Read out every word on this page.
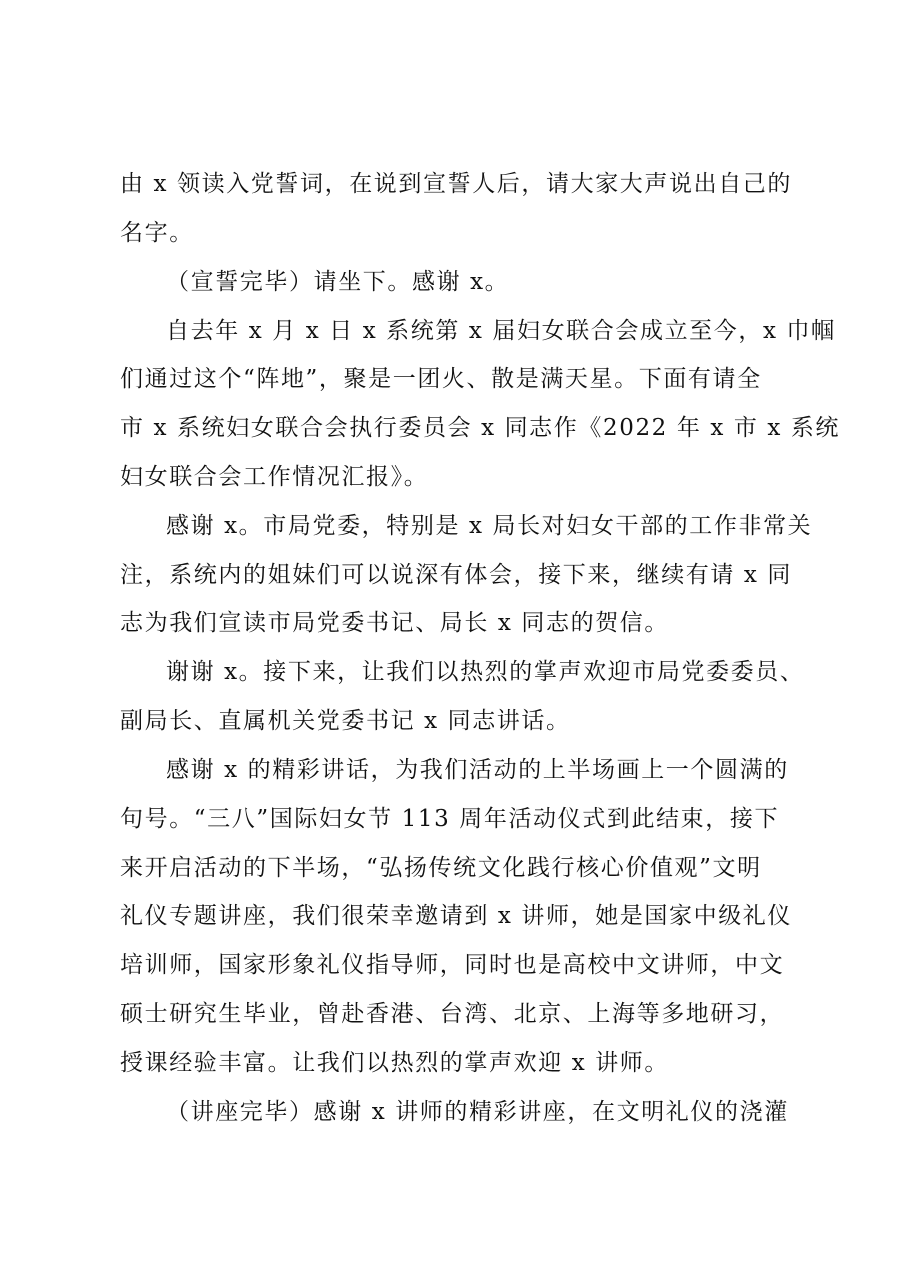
由 x 领读入党誓词，在说到宣誓人后，请大家大声说出自己的
名字。
（宣誓完毕）请坐下。感谢 x。
自去年 x 月 x 日 x 系统第 x 届妇女联合会成立至今，x 巾帼
们通过这个“阵地”，聚是一团火、散是满天星。下面有请全
市 x 系统妇女联合会执行委员会 x 同志作《2022 年 x 市 x 系统
妇女联合会工作情况汇报》。
感谢 x。市局党委，特别是 x 局长对妇女干部的工作非常关
注，系统内的姐妹们可以说深有体会，接下来，继续有请 x 同
志为我们宣读市局党委书记、局长 x 同志的贺信。
谢谢 x。接下来，让我们以热烈的掌声欢迎市局党委委员、
副局长、直属机关党委书记 x 同志讲话。
感谢 x 的精彩讲话，为我们活动的上半场画上一个圆满的
句号。“三八”国际妇女节 113 周年活动仪式到此结束，接下
来开启活动的下半场，“弘扬传统文化践行核心价值观”文明
礼仪专题讲座，我们很荣幸邀请到 x 讲师，她是国家中级礼仪
培训师，国家形象礼仪指导师，同时也是高校中文讲师，中文
硕士研究生毕业，曾赴香港、台湾、北京、上海等多地研习，
授课经验丰富。让我们以热烈的掌声欢迎 x 讲师。
（讲座完毕）感谢 x 讲师的精彩讲座，在文明礼仪的浇灌
